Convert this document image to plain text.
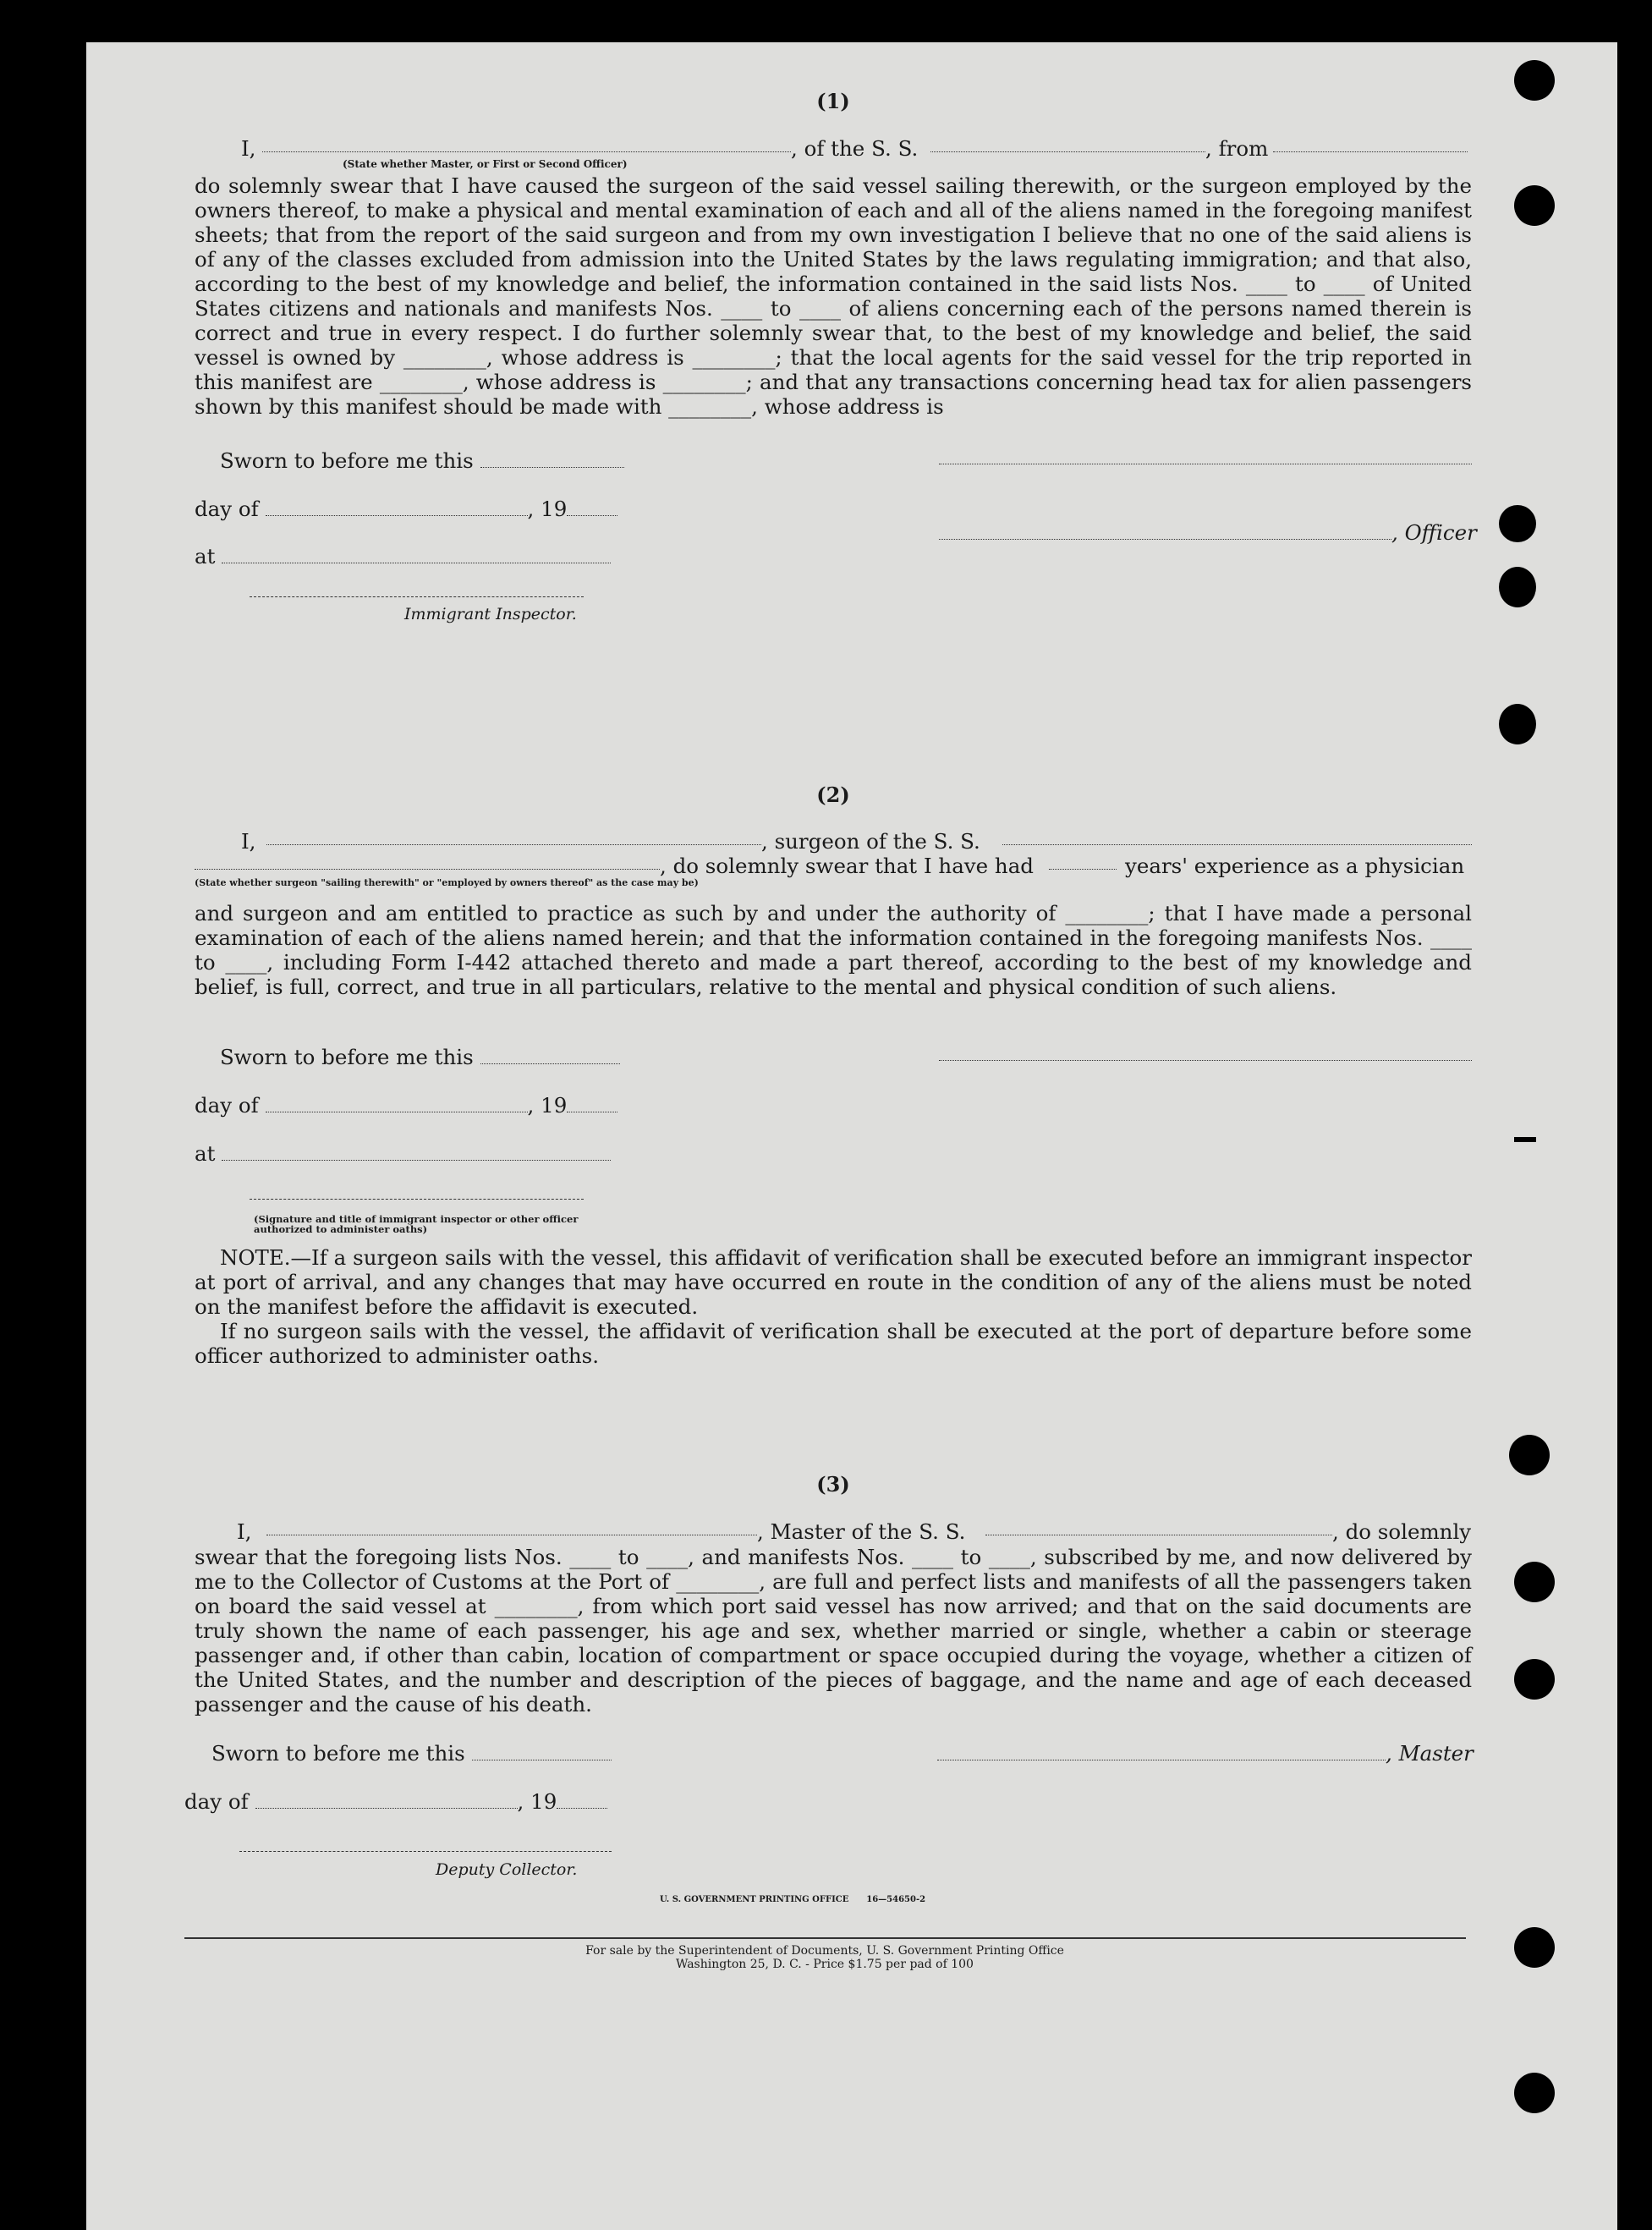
(1)
I,	, of the S. S.	, from
(State whether Master, or First or Second Officer)

do solemnly swear that I have caused the surgeon of the said vessel sailing therewith, or the surgeon employed by the owners thereof, to make a physical and mental examination of each and all of the aliens named in the foregoing manifest sheets; that from the report of the said surgeon and from my own investigation I believe that no one of the said aliens is of any of the classes excluded from admission into the United States by the laws regulating immigration; and that also, according to the best of my knowledge and belief, the information contained in the said lists Nos. ____ to ____ of United States citizens and nationals and manifests Nos. ____ to ____ of aliens concerning each of the persons named therein is correct and true in every respect. I do further solemnly swear that, to the best of my knowledge and belief, the said vessel is owned by ________, whose address is ________; that the local agents for the said vessel for the trip reported in this manifest are ________, whose address is ________; and that any transactions concerning head tax for alien passengers shown by this manifest should be made with ________, whose address is

Sworn to before me this
day of	, 19
, Officer
at
Immigrant Inspector.
(2)
I,	, surgeon of the S. S.
, do solemnly swear that I have had	years' experience as a physician
(State whether surgeon "sailing therewith" or "employed by owners thereof" as the case may be)

and surgeon and am entitled to practice as such by and under the authority of ________; that I have made a personal examination of each of the aliens named herein; and that the information contained in the foregoing manifests Nos. ____ to ____, including Form I-442 attached thereto and made a part thereof, according to the best of my knowledge and belief, is full, correct, and true in all particulars, relative to the mental and physical condition of such aliens.

Sworn to before me this
day of	, 19
at
(Signature and title of immigrant inspector or other officer authorized to administer oaths)

NOTE.—If a surgeon sails with the vessel, this affidavit of verification shall be executed before an immigrant inspector at port of arrival, and any changes that may have occurred en route in the condition of any of the aliens must be noted on the manifest before the affidavit is executed.

If no surgeon sails with the vessel, the affidavit of verification shall be executed at the port of departure before some officer authorized to administer oaths.

(3)
I,	, Master of the S. S.	, do solemnly

swear that the foregoing lists Nos. ____ to ____, and manifests Nos. ____ to ____, subscribed by me, and now delivered by me to the Collector of Customs at the Port of ________, are full and perfect lists and manifests of all the passengers taken on board the said vessel at ________, from which port said vessel has now arrived; and that on the said documents are truly shown the name of each passenger, his age and sex, whether married or single, whether a cabin or steerage passenger and, if other than cabin, location of compartment or space occupied during the voyage, whether a citizen of the United States, and the number and description of the pieces of baggage, and the name and age of each deceased passenger and the cause of his death.

Sworn to before me this	, Master
day of	, 19
Deputy Collector.
U. S. GOVERNMENT PRINTING OFFICE      16—54650-2
For sale by the Superintendent of Documents, U. S. Government Printing Office
Washington 25, D. C. - Price $1.75 per pad of 100
